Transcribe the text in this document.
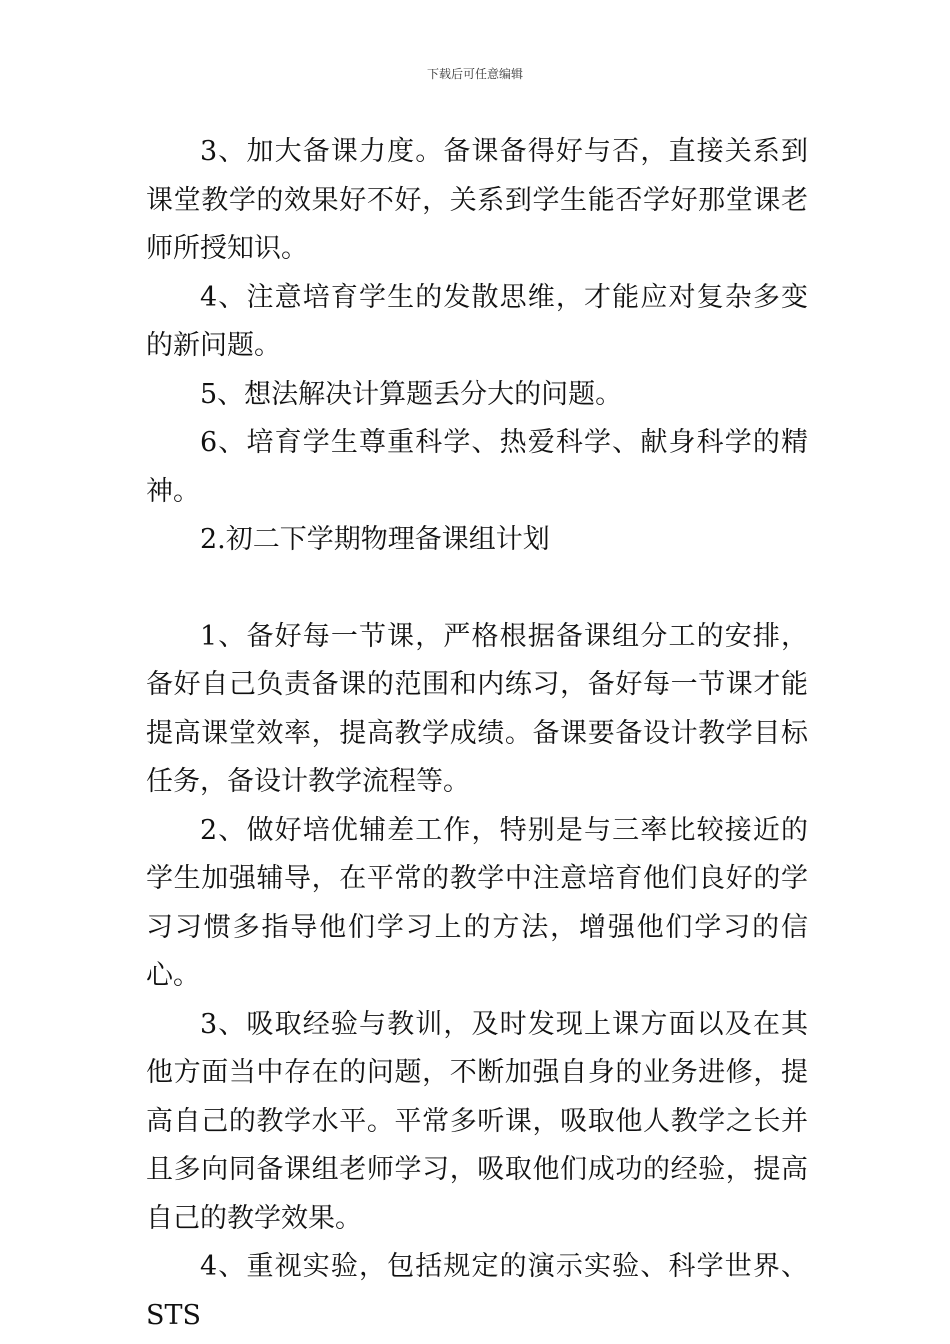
下载后可任意编辑

3、加大备课力度。备课备得好与否，直接关系到课堂教学的效果好不好，关系到学生能否学好那堂课老师所授知识。

4、注意培育学生的发散思维，才能应对复杂多变的新问题。

5、想法解决计算题丢分大的问题。

6、培育学生尊重科学、热爱科学、献身科学的精神。

2.初二下学期物理备课组计划

1、备好每一节课，严格根据备课组分工的安排，备好自己负责备课的范围和内练习，备好每一节课才能提高课堂效率，提高教学成绩。备课要备设计教学目标任务，备设计教学流程等。

2、做好培优辅差工作，特别是与三率比较接近的学生加强辅导，在平常的教学中注意培育他们良好的学习习惯多指导他们学习上的方法，增强他们学习的信心。

3、吸取经验与教训，及时发现上课方面以及在其他方面当中存在的问题，不断加强自身的业务进修，提高自己的教学水平。平常多听课，吸取他人教学之长并且多向同备课组老师学习，吸取他们成功的经验，提高自己的教学效果。

4、重视实验，包括规定的演示实验、科学世界、STS
